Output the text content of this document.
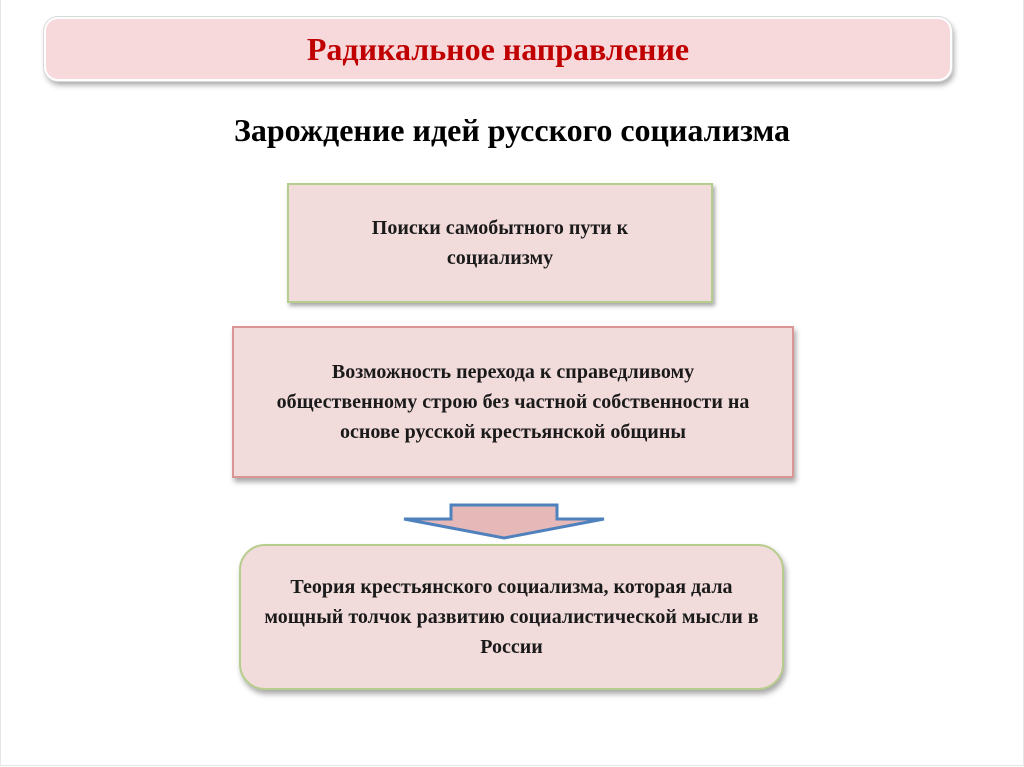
Радикальное направление
Зарождение идей русского социализма
Поиски самобытного пути к социализму
Возможность перехода к справедливому общественному строю без частной собственности на основе русской крестьянской общины
Теория крестьянского социализма, которая дала мощный толчок развитию социалистической мысли в России
